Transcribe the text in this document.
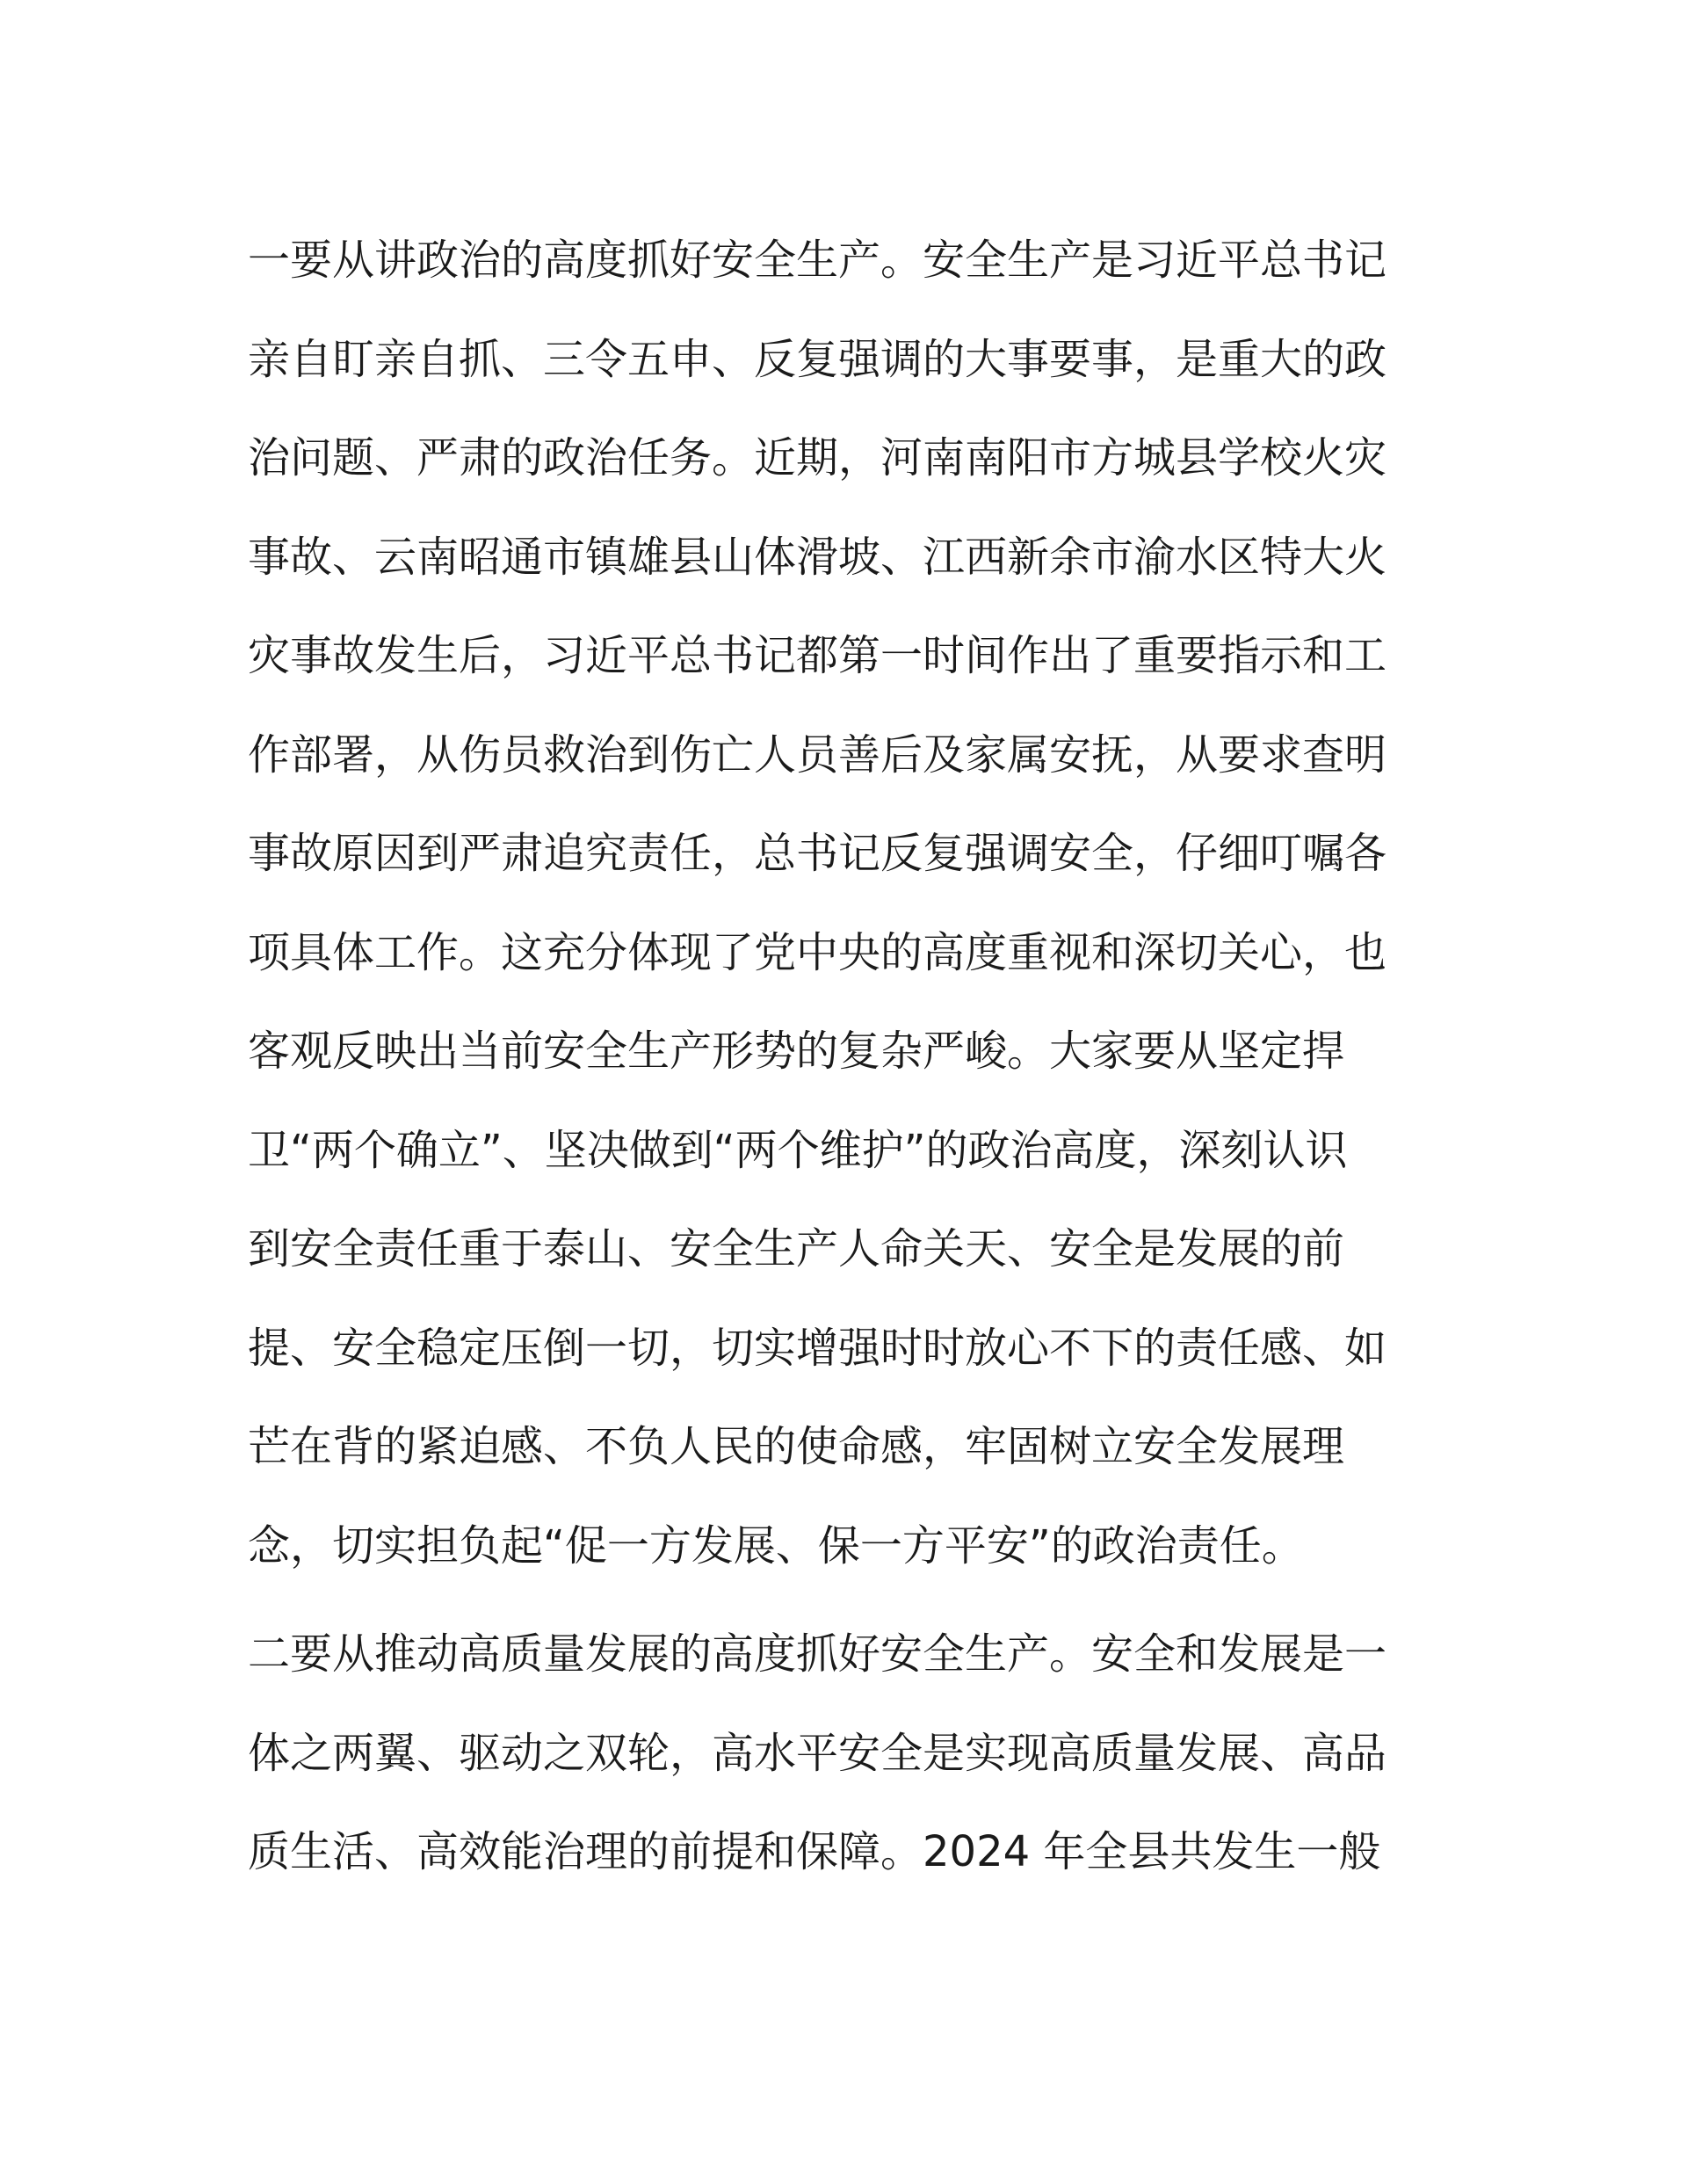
一要从讲政治的高度抓好安全生产。安全生产是习近平总书记
亲自盯亲自抓、三令五申、反复强调的大事要事，是重大的政
治问题、严肃的政治任务。近期，河南南阳市方城县学校火灾
事故、云南昭通市镇雄县山体滑坡、江西新余市渝水区特大火
灾事故发生后，习近平总书记都第一时间作出了重要指示和工
作部署，从伤员救治到伤亡人员善后及家属安抚，从要求查明
事故原因到严肃追究责任，总书记反复强调安全，仔细叮嘱各
项具体工作。这充分体现了党中央的高度重视和深切关心，也
客观反映出当前安全生产形势的复杂严峻。大家要从坚定捍
卫“两个确立”、坚决做到“两个维护”的政治高度，深刻认识
到安全责任重于泰山、安全生产人命关天、安全是发展的前
提、安全稳定压倒一切，切实增强时时放心不下的责任感、如
芒在背的紧迫感、不负人民的使命感，牢固树立安全发展理
念，切实担负起“促一方发展、保一方平安”的政治责任。
二要从推动高质量发展的高度抓好安全生产。安全和发展是一
体之两翼、驱动之双轮，高水平安全是实现高质量发展、高品
质生活、高效能治理的前提和保障。2024 年全县共发生一般
